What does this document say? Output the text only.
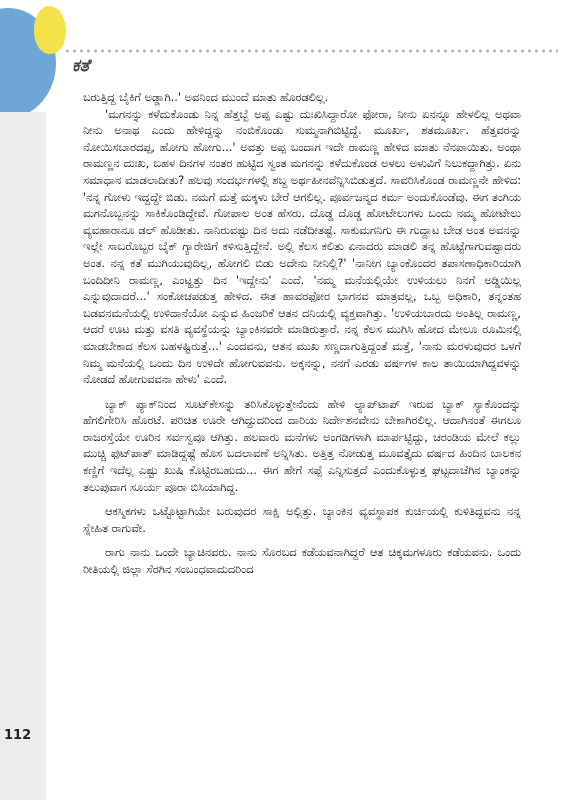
ಕತೆ

ಬರುತ್ತಿದ್ದ ಬೈಕಿಗೆ ಅಡ್ಡಾಗಿ..' ಅವನಿಂದ ಮುಂದೆ ಮಾತು ಹೊರಡಲಿಲ್ಲ.

'ಮಗನನ್ನು ಕಳೆದುಕೊಂಡು ನಿನ್ನ ಹೆತ್ತಬ್ಬೆ ಅಪ್ಪ ಎಷ್ಟು ದುಃಖಿಸಿದ್ದಾರೋ ಫೋರಾ, ನೀನು ಏನನ್ನೂ ಹೇಳಲಿಲ್ಲ ಅಥವಾ ನೀನು ಅನಾಥ ಎಂದು ಹೇಳಿದ್ದನ್ನು ನಂಬಿಕೊಂಡು ಸುಮ್ಮನಾಗಿಬಿಟ್ಟಿದ್ದೆ. ಮೂರ್ಖ, ಶತಮೂರ್ಖ. ಹೆತ್ತವರನ್ನು ನೋಯಿಸಬಾರದಪ್ಪ, ಹೋಗು ಹೋಗು...' ಅವತ್ತು ಅಪ್ಪ ಬಂದಾಗ ಇದೇ ರಾಮಣ್ಣ ಹೇಳಿದ ಮಾತು ನೆನಪಾಯಿತು. ಅಂಥಾ ರಾಮಣ್ಣನ ದುಃಖ, ಬಹಳ ದಿನಗಳ ನಂತರ ಹುಟ್ಟಿದ ಸ್ವಂತ ಮಗನನ್ನು ಕಳೆದುಕೊಂಡ ಅಳಲು ಅಳುವಿಗೆ ನಿಲುಕದ್ದಾಗಿತ್ತು. ಏನು ಸಮಾಧಾನ ಮಾಡಲಾದೀತು? ಹಲವು ಸಂದರ್ಭಗಳಲ್ಲಿ ಶಬ್ದ ಅರ್ಥಹೀನವೆನ್ನಿಸಿಬಿಡುತ್ತದೆ. ಸಾವರಿಸಿಕೊಂಡ ರಾಮಣ್ಣನೇ ಹೇಳಿದ: 'ನನ್ನ ಗೋಳು ಇದ್ದದ್ದೇ ಬಿಡು. ನಮಗೆ ಮತ್ತೆ ಮಕ್ಕಳು ಬೇರೆ ಆಗಲಿಲ್ಲ. ಪೂರ್ವಜನ್ಮದ ಕರ್ಮ ಅಂದುಕೊಂಡೆವು. ಈಗ ತಂಗಿಯ ಮಗನೊಬ್ಬನನ್ನು ಸಾಕಿಕೊಂಡಿದ್ದೇವೆ. ಗೋಪಾಲ ಅಂತ ಹೆಸರು. ದೊಡ್ಡ ದೊಡ್ಡ ಹೋಟೇಲುಗಳು ಬಂದು ನಮ್ಮ ಹೋಟೇಲು ವ್ಯವಹಾರಾನೂ ಡಲ್ ಹೊಡೀತು. ನಾನಿರುವಷ್ಟು ದಿನ ಅದು ನಡೆದೀತಷ್ಟೆ. ಸಾಕುಮಗನಿಗು ಈ ಗುದ್ದಾಟ ಬೇಡ ಅಂತ ಅವನನ್ನು ಇಲ್ಲೇ ಸಾಬರೊಬ್ಬರ ಬೈಕ್ ಗ್ಯಾರೇಜಿಗೆ ಕಳಿಸುತ್ತಿದ್ದೇನೆ. ಅಲ್ಲಿ ಕೆಲಸ ಕಲಿತು ಏನಾದರು ಮಾಡಲಿ ತನ್ನ ಹೊಟ್ಟೆಗಾಗುವಷ್ಟಾದರು ಅಂತ. ನನ್ನ ಕತೆ ಮುಗಿಯುವುದಿಲ್ಲ, ಹೋಗಲಿ ಬಿಡು ಅದೇನು ನೀನಿಲ್ಲಿ?' 'ನಾನೀಗ ಬ್ಯಾಂಕೊಂದರ ತಪಾಸಣಾಧಿಕಾರಿಯಾಗಿ ಬಂದಿದೀನಿ ರಾಮಣ್ಣ, ಎಂಟ್ಹತ್ತು ದಿನ 'ಇದ್ದೇನು' ಎಂದೆ. 'ನಮ್ಮ ಮನೆಯಲ್ಲಿಯೇ ಉಳಿಯಲು ನಿನಗೆ ಅಡ್ಡಿಯಿಲ್ಲ ಎನ್ನುವುದಾದರೆ...' ಸಂಕೋಚಪಡುತ್ತ ಹೇಳಿದ. ಈತ ಹಾವರಫೋರ ಭಾಗನವ ಮಾತ್ರವಲ್ಲ, ಒಬ್ಬ ಅಧಿಕಾರಿ, ತನ್ನಂತಹ ಬಡವನಮನೆಯಲ್ಲಿ ಉಳಿದಾನೆಯೋ ಎನ್ನುವ ಹಿಂಜರಿಕೆ ಆತನ ದನಿಯಲ್ಲಿ ವ್ಯಕ್ತವಾಗಿತ್ತು. 'ಉಳಿಯಬಾರದು ಅಂತಿಲ್ಲ ರಾಮಣ್ಣ, ಆದರೆ ಊಟ ಮತ್ತು ವಸತಿ ವ್ಯವಸ್ಥೆಯನ್ನು ಬ್ಯಾಂಕಿನವರೇ ಮಾಡಿರುತ್ತಾರೆ. ನನ್ನ ಕೆಲಸ ಮುಗಿಸಿ ಹೋದ ಮೇಲೂ ರೂಮಿನಲ್ಲಿ ಮಾಡಬೇಕಾದ ಕೆಲಸ ಬಹಳಷ್ಟಿರುತ್ತೆ...' ಎಂದವನು, ಆತನ ಮುಖ ಸಣ್ಣದಾಗುತ್ತಿದ್ದಂತೆ ಮತ್ತೆ, 'ನಾನು ಮರಳುವುದರ ಒಳಗೆ ನಿಮ್ಮ ಮನೆಯಲ್ಲಿ ಒಂದು ದಿನ ಉಳಿದೇ ಹೋಗುವವನು. ಅಕ್ಕನನ್ನು, ನನಗೆ ಎರಡು ವರ್ಷಗಳ ಕಾಲ ತಾಯಿಯಾಗಿದ್ದವಳನ್ನು ನೋಡದೆ ಹೋಗುವವನಾ ಹೇಳು' ಎಂದೆ.

ಬ್ಯಾಕ್ ಪ್ಯಾಕ್‌ನಿಂದ ಸೂಟ್‌ಕೇಸನ್ನು ತರಿಸಿಕೊಳ್ಳುತ್ತೇನೆಂದು ಹೇಳಿ ಲ್ಯಾಪ್‌ಟಾಪ್ ಇರುವ ಬ್ಯಾಕ್ ಸ್ಯಾಕೊಂದನ್ನು ಹೆಗಲಿಗೇರಿಸಿ ಹೊರಟೆ. ಪರಿಚಿತ ಊರೇ ಆಗಿದ್ದುದರಿಂದ ದಾರಿಯ ನಿರ್ದೇಶನವೇನು ಬೇಕಾಗಿರಲಿಲ್ಲ. ಆದಾಗಿನಂತೆ ಈಗಲೂ ರಾಜರಸ್ತೆಯೇ ಊರಿನ ಸರ್ವಸ್ವವೂ ಆಗಿತ್ತು. ಹಲವಾರು ಮನೆಗಳು ಅಂಗಡಿಗಳಾಗಿ ಮಾರ್ಪಟ್ಟಿದ್ದು, ಚರಂಡಿಯ ಮೇಲೆ ಕಲ್ಲು ಮುಚ್ಚಿ ಫುಟ್‌ಪಾತ್ ಮಾಡಿದ್ದಷ್ಟೆ ಹೊಸ ಬದಲಾವಣೆ ಅನ್ನಿಸಿತು. ಅತ್ತಿತ್ತ ನೋಡುತ್ತ ಮೂವತ್ತೈದು ವರ್ಷದ ಹಿಂದಿನ ಬಾಲಕನ ಕಣ್ಣಿಗೆ ಇದೆಲ್ಲ ಎಷ್ಟು ಖುಷಿ ಕೊಟ್ಟಿರಬಹುದು... ಈಗ ಹೇಗೆ ಸಪ್ಪೆ ಎನ್ನಿಸುತ್ತದೆ ಎಂದುಕೊಳ್ಳುತ್ತ ಘಟ್ಟದಾಚೆಗಿನ ಬ್ಯಾಂಕನ್ನು ತಲುಪುವಾಗ ಸೂರ್ಯ ಪೂರಾ ಬಿಸಿಯಾಗಿದ್ದ.

ಆಕಸ್ಮಿಕಗಳು ಒಟ್ಟೊಟ್ಟಾಗಿಯೇ ಬರುವುದರ ಸಾಕ್ಷಿ ಅಲ್ಲಿತ್ತು. ಬ್ಯಾಂಕಿನ ವ್ಯವಸ್ಥಾಪಕ ಕುರ್ಚಿಯಲ್ಲಿ ಕುಳಿತಿದ್ದವನು ನನ್ನ ಸ್ನೇಹಿತ ರಾಗುವೇ.

ರಾಗು ನಾನು ಒಂದೇ ಬ್ಯಾಚಿನವರು. ನಾನು ಸೊರಬದ ಕಡೆಯವನಾಗಿದ್ದರೆ ಆತ ಚಿಕ್ಕಮಗಳೂರು ಕಡೆಯವನು. ಒಂದು ರೀತಿಯಲ್ಲಿ ಜಿಲ್ಲಾ ಸೆರಗಿನ ಸಂಬಂಧವಾದುದರಿಂದ

112
